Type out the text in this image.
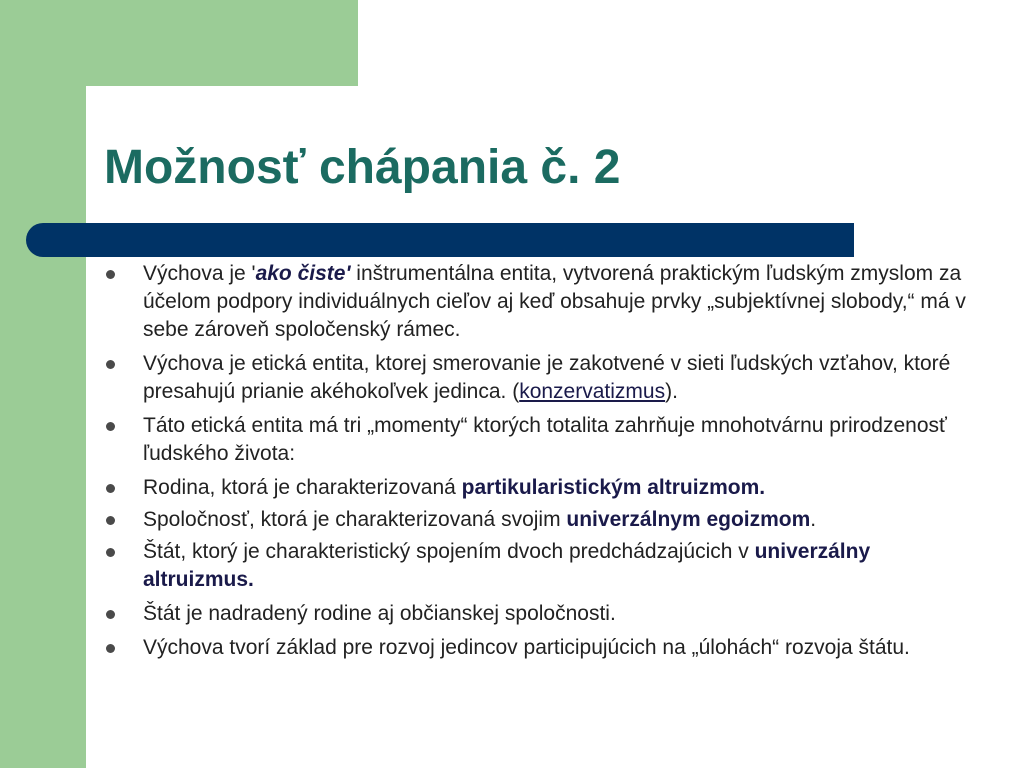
Možnosť chápania č. 2
Výchova je 'ako čiste' inštrumentálna entita, vytvorená praktickým ľudským zmyslom za účelom podpory individuálnych cieľov aj keď obsahuje prvky „subjektívnej slobody,“ má v sebe zároveň spoločenský rámec.
Výchova je etická entita, ktorej smerovanie je zakotvené v sieti ľudských vzťahov, ktoré presahujú prianie akéhokoľvek jedinca. (konzervatizmus).
Táto etická entita má tri „momenty“ ktorých totalita zahrňuje mnohotvárnu prirodzenosť ľudského života:
Rodina, ktorá je charakterizovaná partikularistickým altruizmom.
Spoločnosť, ktorá je charakterizovaná svojim univerzálnym egoizmom.
Štát, ktorý je charakteristický spojením dvoch predchádzajúcich v univerzálny altruizmus.
Štát je nadradený rodine aj občianskej spoločnosti.
Výchova tvorí základ pre rozvoj jedincov participujúcich na „úlohách“ rozvoja štátu.
